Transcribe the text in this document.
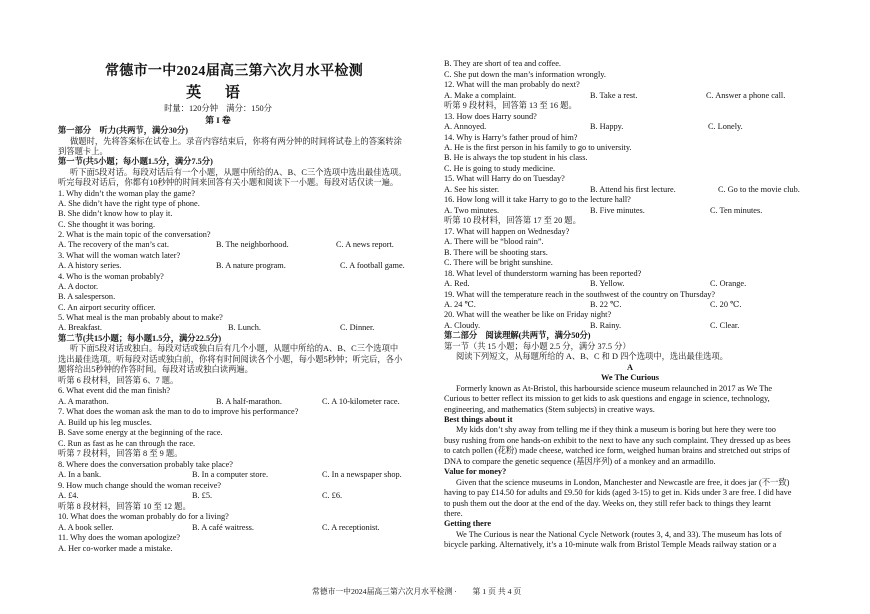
常德市一中2024届高三第六次月水平检测
英 语
时量：120分钟　满分：150分
第 I 卷
第一部分　听力(共两节，满分30分)
做题时，先将答案标在试卷上。录音内容结束后，你将有两分钟的时间将试卷上的答案转涂
到答题卡上。
第一节(共5小题；每小题1.5分，满分7.5分)
听下面5段对话。每段对话后有一个小题，从题中所给的A、B、C三个选项中选出最佳选项。
听完每段对话后，你都有10秒钟的时间来回答有关小题和阅读下一小题。每段对话仅读一遍。
1. Why didn’t the woman play the game?
A. She didn’t have the right type of phone.
B. She didn’t know how to play it.
C. She thought it was boring.
2. What is the main topic of the conversation?
A. The recovery of the man’s cat.	B. The neighborhood.	C. A news report.
3. What will the woman watch later?
A. A history series.	B. A nature program.	C. A football game.
4. Who is the woman probably?
A. A doctor.
B. A salesperson.
C. An airport security officer.
5. What meal is the man probably about to make?
A. Breakfast.	B. Lunch.	C. Dinner.
第二节(共15小题；每小题1.5分，满分22.5分)
听下面5段对话或独白。每段对话或独白后有几个小题，从题中所给的A、B、C三个选项中
选出最佳选项。听每段对话或独白前，你将有时间阅读各个小题，每小题5秒钟；听完后，各小
题将给出5秒钟的作答时间。每段对话或独白读两遍。
听第 6 段材料，回答第 6、7 题。
6. What event did the man finish?
A. A marathon.	B. A half-marathon.	C. A 10-kilometer race.
7. What does the woman ask the man to do to improve his performance?
A. Build up his leg muscles.
B. Save some energy at the beginning of the race.
C. Run as fast as he can through the race.
听第 7 段材料，回答第 8 至 9 题。
8. Where does the conversation probably take place?
A. In a bank.	B. In a computer store.	C. In a newspaper shop.
9. How much change should the woman receive?
A. £4.	B. £5.	C. £6.
听第 8 段材料，回答第 10 至 12 题。
10. What does the woman probably do for a living?
A. A book seller.	B. A café waitress.	C. A receptionist.
11. Why does the woman apologize?
A. Her co-worker made a mistake.
B. They are short of tea and coffee.
C. She put down the man’s information wrongly.
12. What will the man probably do next?
A. Make a complaint.	B. Take a rest.	C. Answer a phone call.
听第 9 段材料，回答第 13 至 16 题。
13. How does Harry sound?
A. Annoyed.	B. Happy.	C. Lonely.
14. Why is Harry’s father proud of him?
A. He is the first person in his family to go to university.
B. He is always the top student in his class.
C. He is going to study medicine.
15. What will Harry do on Tuesday?
A. See his sister.	B. Attend his first lecture.	C. Go to the movie club.
16. How long will it take Harry to go to the lecture hall?
A. Two minutes.	B. Five minutes.	C. Ten minutes.
听第 10 段材料，回答第 17 至 20 题。
17. What will happen on Wednesday?
A. There will be “blood rain”.
B. There will be shooting stars.
C. There will be bright sunshine.
18. What level of thunderstorm warning has been reported?
A. Red.	B. Yellow.	C. Orange.
19. What will the temperature reach in the southwest of the country on Thursday?
A. 24 ℃.	B. 22 ℃.	C. 20 ℃.
20. What will the weather be like on Friday night?
A. Cloudy.	B. Rainy.	C. Clear.
第二部分　阅读理解(共两节，满分50分)
第一节（共 15 小题；每小题 2.5 分，满分 37.5 分）
阅读下列短文，从每题所给的 A、B、C 和 D 四个选项中，选出最佳选项。
A
We The Curious
Formerly known as At-Bristol, this harbourside science museum relaunched in 2017 as We The
Curious to better reflect its mission to get kids to ask questions and engage in science, technology,
engineering, and mathematics (Stem subjects) in creative ways.
Best things about it
My kids don’t shy away from telling me if they think a museum is boring but here they were too
busy rushing from one hands-on exhibit to the next to have any such complaint. They dressed up as bees
to catch pollen (花粉) made cheese, watched ice form, weighed human brains and stretched out strips of
DNA to compare the genetic sequence (基因序列) of a monkey and an armadillo.
Value for money?
Given that the science museums in London, Manchester and Newcastle are free, it does jar (不一致)
having to pay £14.50 for adults and £9.50 for kids (aged 3-15) to get in. Kids under 3 are free. I did have
to push them out the door at the end of the day. Weeks on, they still refer back to things they learnt
there.
Getting there
We The Curious is near the National Cycle Network (routes 3, 4, and 33). The museum has lots of
bicycle parking. Alternatively, it’s a 10-minute walk from Bristol Temple Meads railway station or a
常德市一中2024届高三第六次月水平检测 ·　　第 1 页 共 4 页
